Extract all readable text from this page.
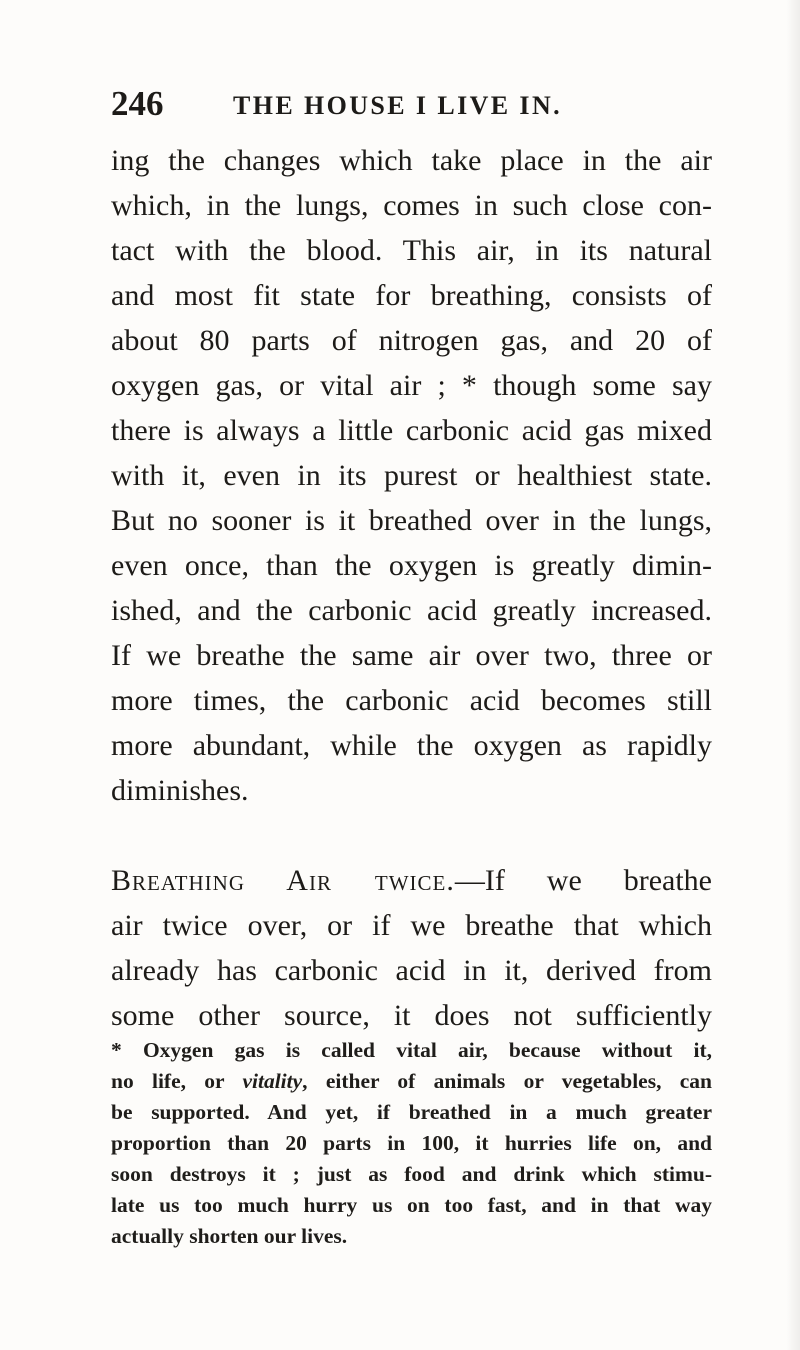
246	THE HOUSE I LIVE IN.
ing the changes which take place in the air
which, in the lungs, comes in such close con-
tact with the blood. This air, in its natural
and most fit state for breathing, consists of
about 80 parts of nitrogen gas, and 20 of
oxygen gas, or vital air ; * though some say
there is always a little carbonic acid gas mixed
with it, even in its purest or healthiest state.
But no sooner is it breathed over in the lungs,
even once, than the oxygen is greatly dimin-
ished, and the carbonic acid greatly increased.
If we breathe the same air over two, three or
more times, the carbonic acid becomes still
more abundant, while the oxygen as rapidly
diminishes.
Breathing Air twice.—If we breathe
air twice over, or if we breathe that which
already has carbonic acid in it, derived from
some other source, it does not sufficiently
* Oxygen gas is called vital air, because without it,
no life, or vitality, either of animals or vegetables, can
be supported. And yet, if breathed in a much greater
proportion than 20 parts in 100, it hurries life on, and
soon destroys it ; just as food and drink which stimu-
late us too much hurry us on too fast, and in that way
actually shorten our lives.
